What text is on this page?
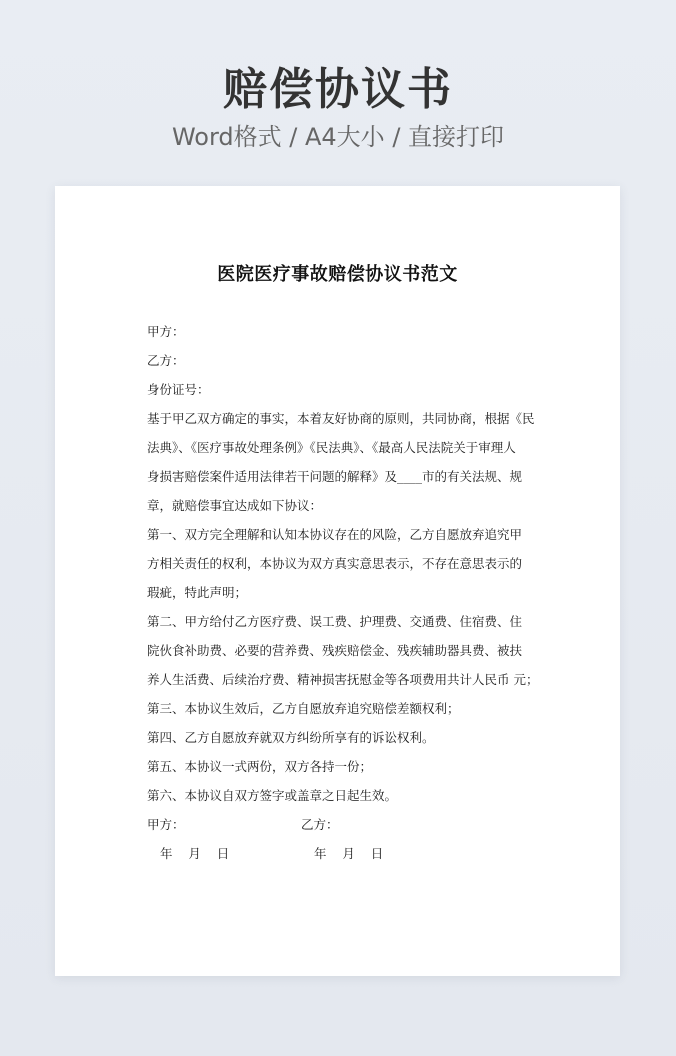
赔偿协议书
Word格式 / A4大小 / 直接打印
医院医疗事故赔偿协议书范文
甲方：
乙方：
身份证号：
基于甲乙双方确定的事实，本着友好协商的原则，共同协商，根据《民
法典》、《医疗事故处理条例》《民法典》、《最高人民法院关于审理人
身损害赔偿案件适用法律若干问题的解释》及____市的有关法规、规
章，就赔偿事宜达成如下协议：
第一、双方完全理解和认知本协议存在的风险，乙方自愿放弃追究甲
方相关责任的权利，本协议为双方真实意思表示，不存在意思表示的
瑕疵，特此声明；
第二、甲方给付乙方医疗费、误工费、护理费、交通费、住宿费、住
院伙食补助费、必要的营养费、残疾赔偿金、残疾辅助器具费、被扶
养人生活费、后续治疗费、精神损害抚慰金等各项费用共计人民币 元；
第三、本协议生效后，乙方自愿放弃追究赔偿差额权利；
第四、乙方自愿放弃就双方纠纷所享有的诉讼权利。
第五、本协议一式两份，双方各持一份；
第六、本协议自双方签字或盖章之日起生效。
甲方：	乙方：
年    月    日	年    月    日
